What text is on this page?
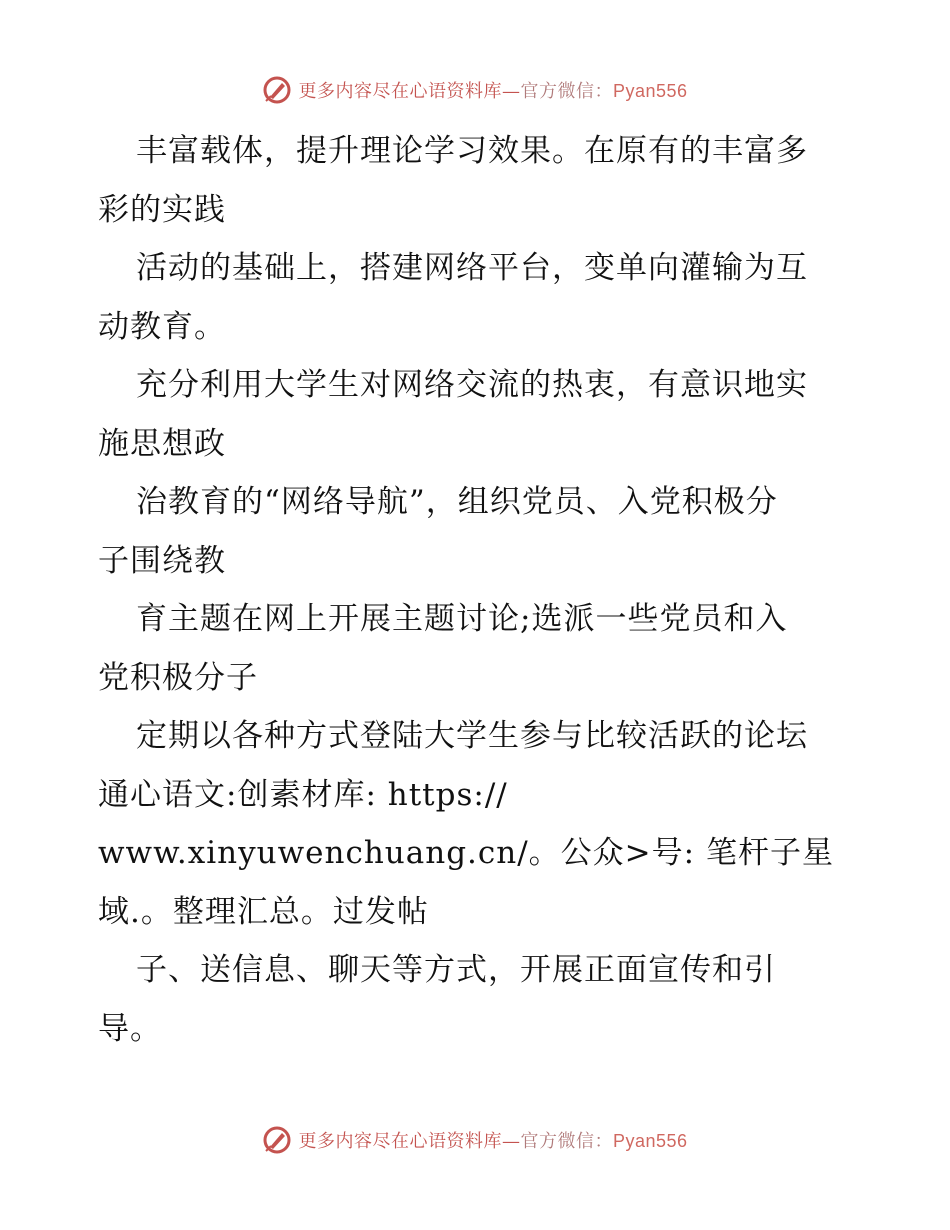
更多内容尽在心语资料库—官方微信：Pyan556
丰富载体，提升理论学习效果。在原有的丰富多
彩的实践
活动的基础上，搭建网络平台，变单向灌输为互
动教育。
充分利用大学生对网络交流的热衷，有意识地实
施思想政
治教育的“网络导航”，组织党员、入党积极分
子围绕教
育主题在网上开展主题讨论;选派一些党员和入
党积极分子
定期以各种方式登陆大学生参与比较活跃的论坛
通心语文:创素材库: https://
www.xinyuwenchuang.cn/。公众>号: 笔杆子星
域.。整理汇总。过发帖
子、送信息、聊天等方式，开展正面宣传和引
导。
更多内容尽在心语资料库—官方微信：Pyan556
